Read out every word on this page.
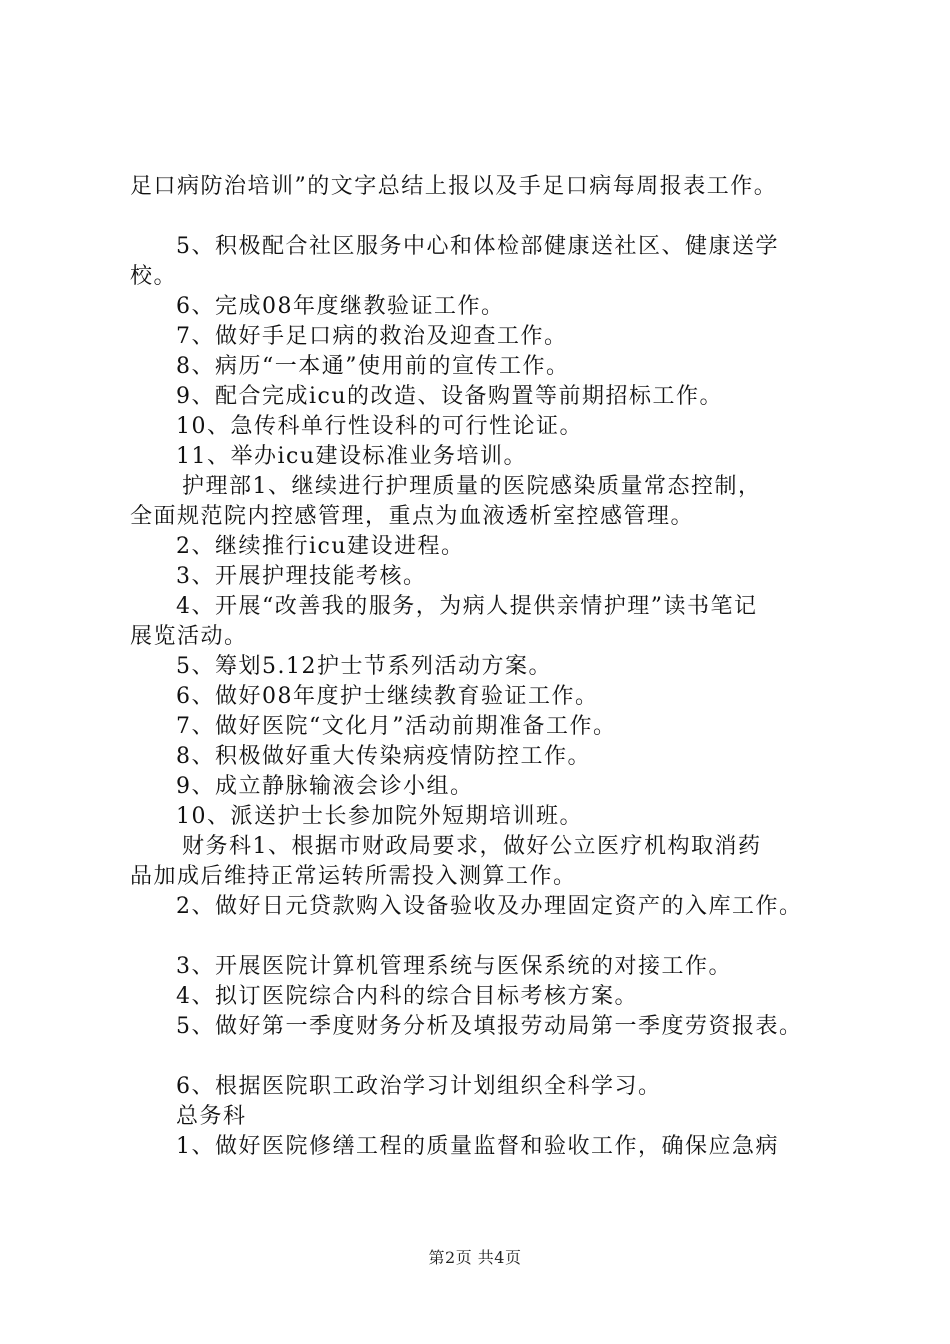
足口病防治培训”的文字总结上报以及手足口病每周报表工作。
5、积极配合社区服务中心和体检部健康送社区、健康送学
校。
6、完成08年度继教验证工作。
7、做好手足口病的救治及迎查工作。
8、病历“一本通”使用前的宣传工作。
9、配合完成icu的改造、设备购置等前期招标工作。
10、急传科单行性设科的可行性论证。
11、举办icu建设标准业务培训。
护理部1、继续进行护理质量的医院感染质量常态控制，
全面规范院内控感管理，重点为血液透析室控感管理。
2、继续推行icu建设进程。
3、开展护理技能考核。
4、开展“改善我的服务，为病人提供亲情护理”读书笔记
展览活动。
5、筹划5.12护士节系列活动方案。
6、做好08年度护士继续教育验证工作。
7、做好医院“文化月”活动前期准备工作。
8、积极做好重大传染病疫情防控工作。
9、成立静脉输液会诊小组。
10、派送护士长参加院外短期培训班。
财务科1、根据市财政局要求，做好公立医疗机构取消药
品加成后维持正常运转所需投入测算工作。
2、做好日元贷款购入设备验收及办理固定资产的入库工作。
3、开展医院计算机管理系统与医保系统的对接工作。
4、拟订医院综合内科的综合目标考核方案。
5、做好第一季度财务分析及填报劳动局第一季度劳资报表。
6、根据医院职工政治学习计划组织全科学习。
总务科
1、做好医院修缮工程的质量监督和验收工作，确保应急病
第2页 共4页
